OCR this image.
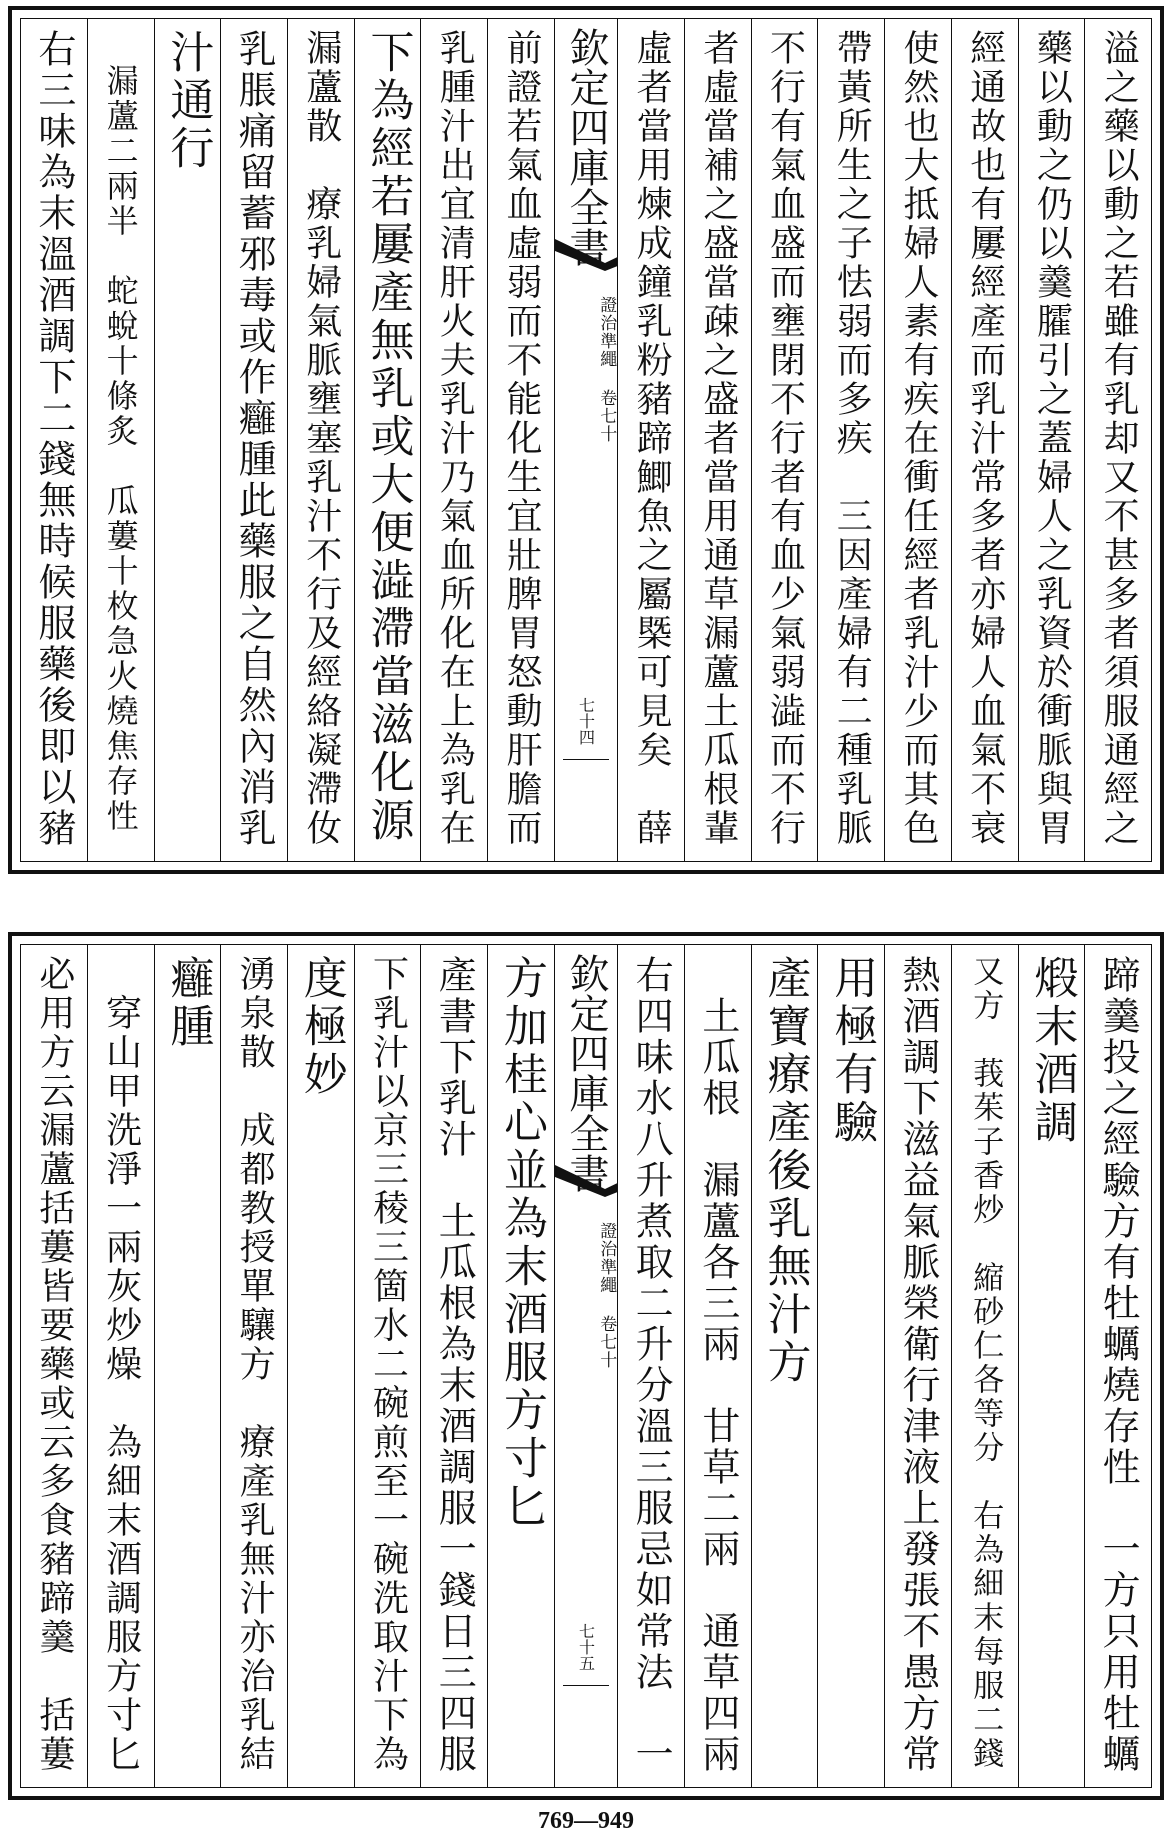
溢之藥以動之若雖有乳却又不甚多者須服通經之
藥以動之仍以羹臛引之蓋婦人之乳資於衝脈與胃
經通故也有屢經產而乳汁常多者亦婦人血氣不衰
使然也大抵婦人素有疾在衝任經者乳汁少而其色
帶黃所生之子怯弱而多疾　三因產婦有二種乳脈
不行有氣血盛而壅閉不行者有血少氣弱澁而不行
者虛當補之盛當疎之盛者當用通草漏蘆土瓜根輩
虛者當用煉成鐘乳粉豬蹄鯽魚之屬槩可見矣　薛
欽定四庫全書
證治準繩 卷七十
七十四
前證若氣血虛弱而不能化生宜壯脾胃怒動肝膽而
乳腫汁出宜清肝火夫乳汁乃氣血所化在上為乳在
下為經若屢產無乳或大便澁滯當滋化源
漏蘆散　療乳婦氣脈壅塞乳汁不行及經絡凝滯㚢
乳脹痛留蓄邪毒或作癰腫此藥服之自然內消乳
汁通行
　漏蘆二兩半　蛇蛻十條炙　瓜蔞十枚急火燒焦存性
右三味為末溫酒調下二錢無時候服藥後即以豬
蹄羹投之經驗方有牡蠣燒存性　一方只用牡蠣
煅末酒調
又方　莪茱子香炒　縮砂仁各等分　右為細末每服二錢
熱酒調下滋益氣脈榮衛行津液上發張不愚方常
用極有驗
產寶療產後乳無汁方
　土瓜根　漏蘆各三兩　甘草二兩　通草四兩
右四味水八升煮取二升分溫三服忌如常法　一
欽定四庫全書
證治準繩 卷七十
七十五
方加桂心並為末酒服方寸匕
產書下乳汁　土瓜根為末酒調服一錢日三四服
下乳汁以京三稜三箇水二碗煎至一碗洗取汁下為
度極妙
湧泉散　成都教授單驤方　療產乳無汁亦治乳結
癰腫
　穿山甲洗淨一兩灰炒燥　為細末酒調服方寸匕
必用方云漏蘆括蔞皆要藥或云多食豬蹄羹　括蔞
769—949
